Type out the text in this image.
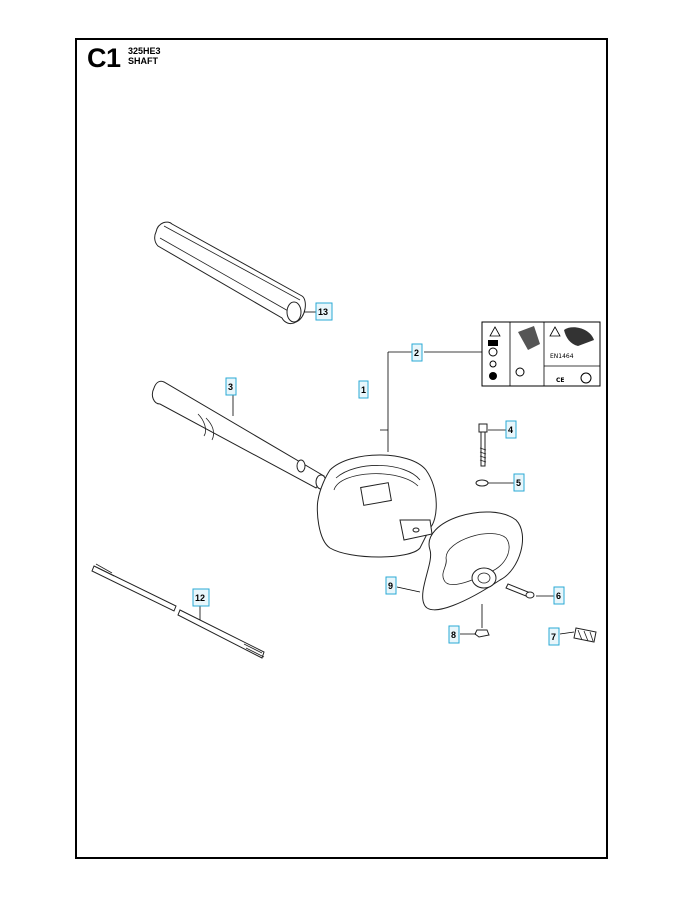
C1 325HE3
SHAFT
EN1464
CE
1
2
3
4
5
6
7
8
9
12
13
